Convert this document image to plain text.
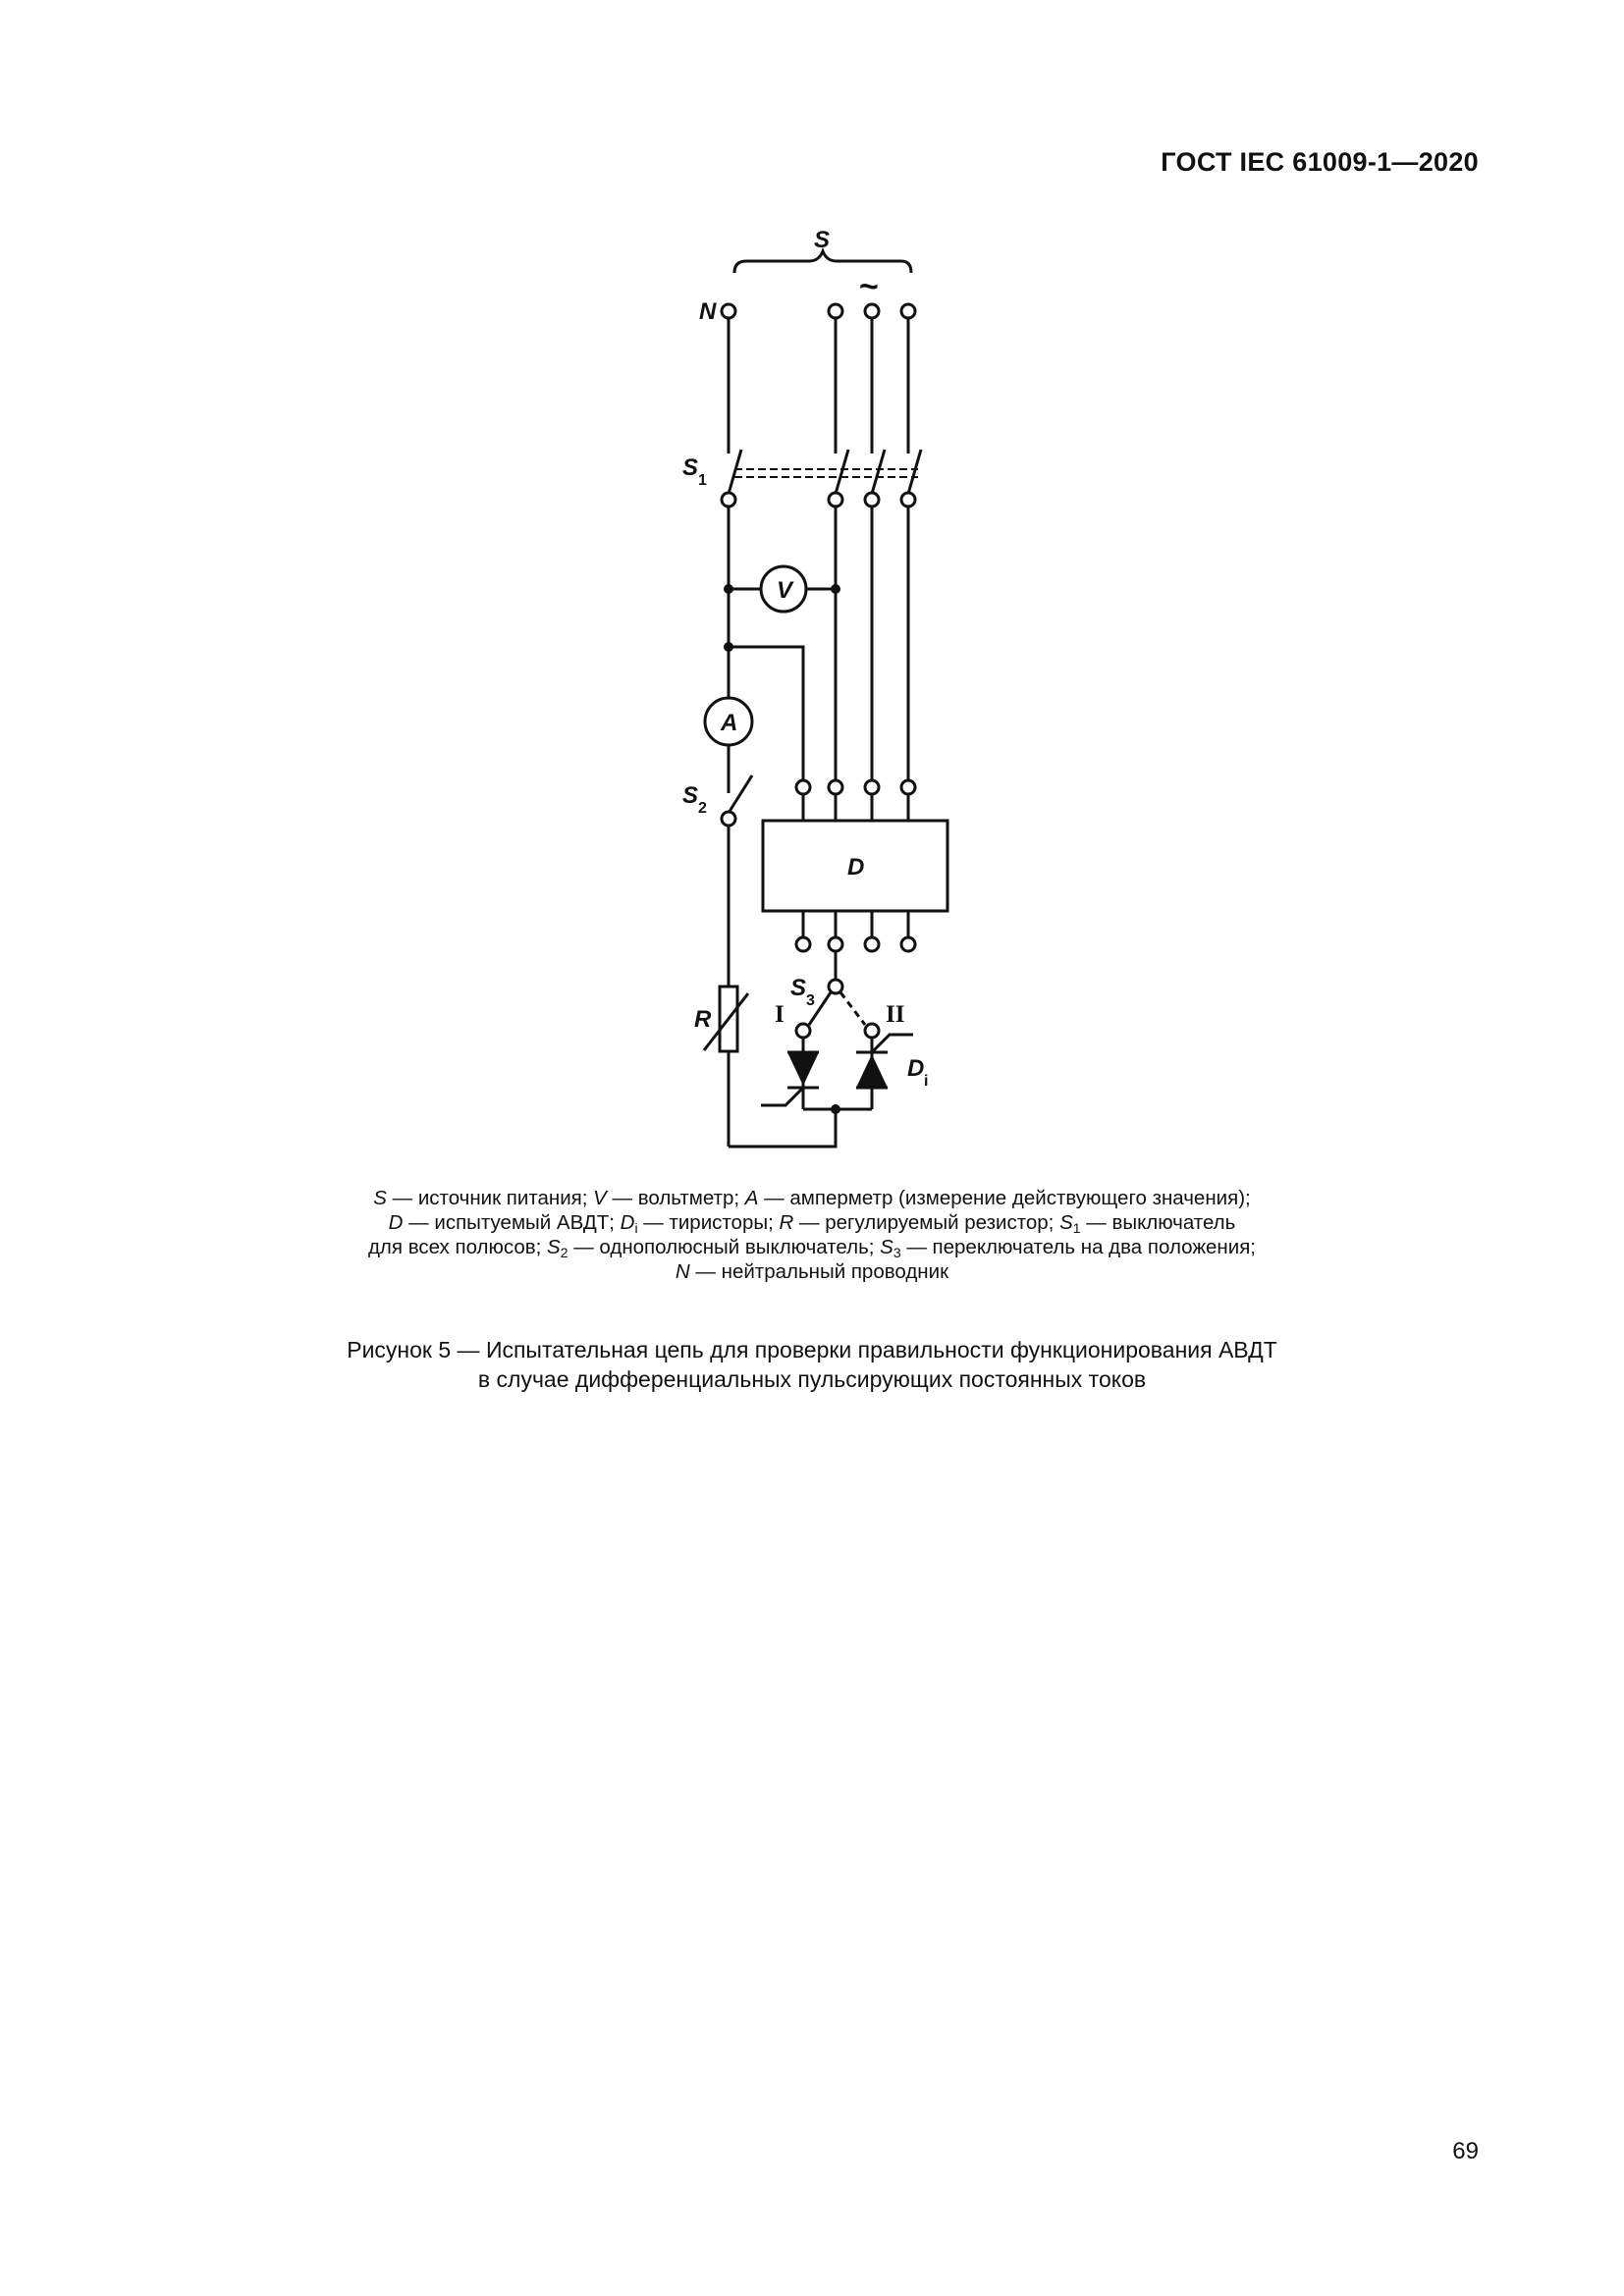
ГОСТ IEC 61009-1—2020
S
~
N
S 1
V
A
S 2
D
S 3
R	I	II
D i
S — источник питания; V — вольтметр; A — амперметр (измерение действующего значения);
D — испытуемый АВДТ; $D_i$ — тиристоры; R — регулируемый резистор; $S_1$ — выключатель
для всех полюсов; $S_2$ — однополюсный выключатель; $S_3$ — переключатель на два положения;
N — нейтральный проводник
Рисунок 5 — Испытательная цепь для проверки правильности функционирования АВДТ
в случае дифференциальных пульсирующих постоянных токов
69
